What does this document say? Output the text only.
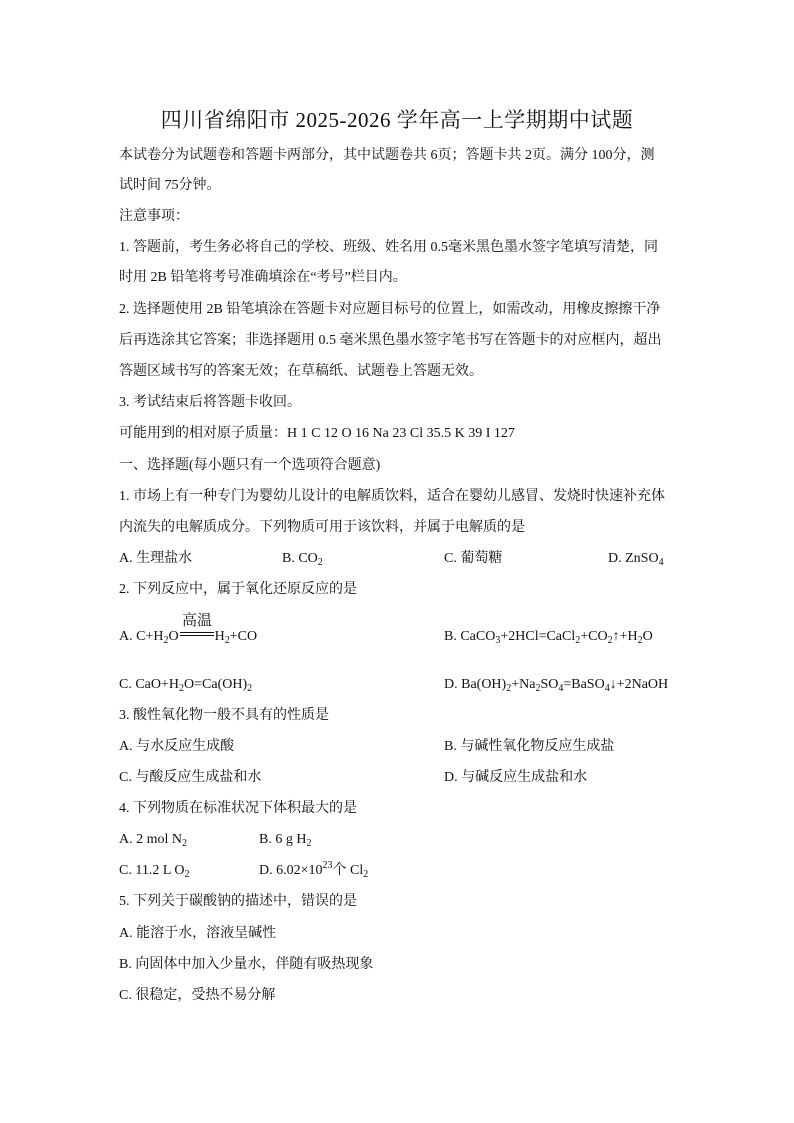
四川省绵阳市 2025-2026 学年高一上学期期中试题
本试卷分为试题卷和答题卡两部分，其中试题卷共 6页；答题卡共 2页。满分 100分，测
试时间 75分钟。
注意事项：
1. 答题前，考生务必将自己的学校、班级、姓名用 0.5毫米黑色墨水签字笔填写清楚，同
时用 2B 铅笔将考号准确填涂在“考号”栏目内。
2. 选择题使用 2B 铅笔填涂在答题卡对应题目标号的位置上，如需改动，用橡皮擦擦干净
后再选涂其它答案；非选择题用 0.5 毫米黑色墨水签字笔书写在答题卡的对应框内，超出
答题区域书写的答案无效；在草稿纸、试题卷上答题无效。
3. 考试结束后将答题卡收回。
可能用到的相对原子质量：H 1 C 12 O 16 Na 23 Cl 35.5 K 39 I 127
一、选择题(每小题只有一个选项符合题意)
1. 市场上有一种专门为婴幼儿设计的电解质饮料，适合在婴幼儿感冒、发烧时快速补充体
内流失的电解质成分。下列物质可用于该饮料，并属于电解质的是
A. 生理盐水	B. $CO_2$	C. 葡萄糖	D. ZnSO$_4$
2. 下列反应中，属于氧化还原反应的是
高温
A. $C+H_2O$	$H_2+CO$	B. $CaCO_3+2HCl=CaCl_2+CO_2↑+H_2O$
C. $CaO+H_2O=Ca(OH)_2$	D. $Ba(OH)_2+Na_2SO_4=BaSO_4↓+2NaOH$
3. 酸性氧化物一般不具有的性质是
A. 与水反应生成酸	B. 与碱性氧化物反应生成盐
C. 与酸反应生成盐和水	D. 与碱反应生成盐和水
4. 下列物质在标准状况下体积最大的是
A. 2 mol $N_2$	B. 6 g $H_2$
C. 11.2 L $O_2$	D. $6.02\times 10^{23}$个 $Cl_2$
5. 下列关于碳酸钠的描述中，错误的是
A. 能溶于水，溶液呈碱性
B. 向固体中加入少量水，伴随有吸热现象
C. 很稳定，受热不易分解
